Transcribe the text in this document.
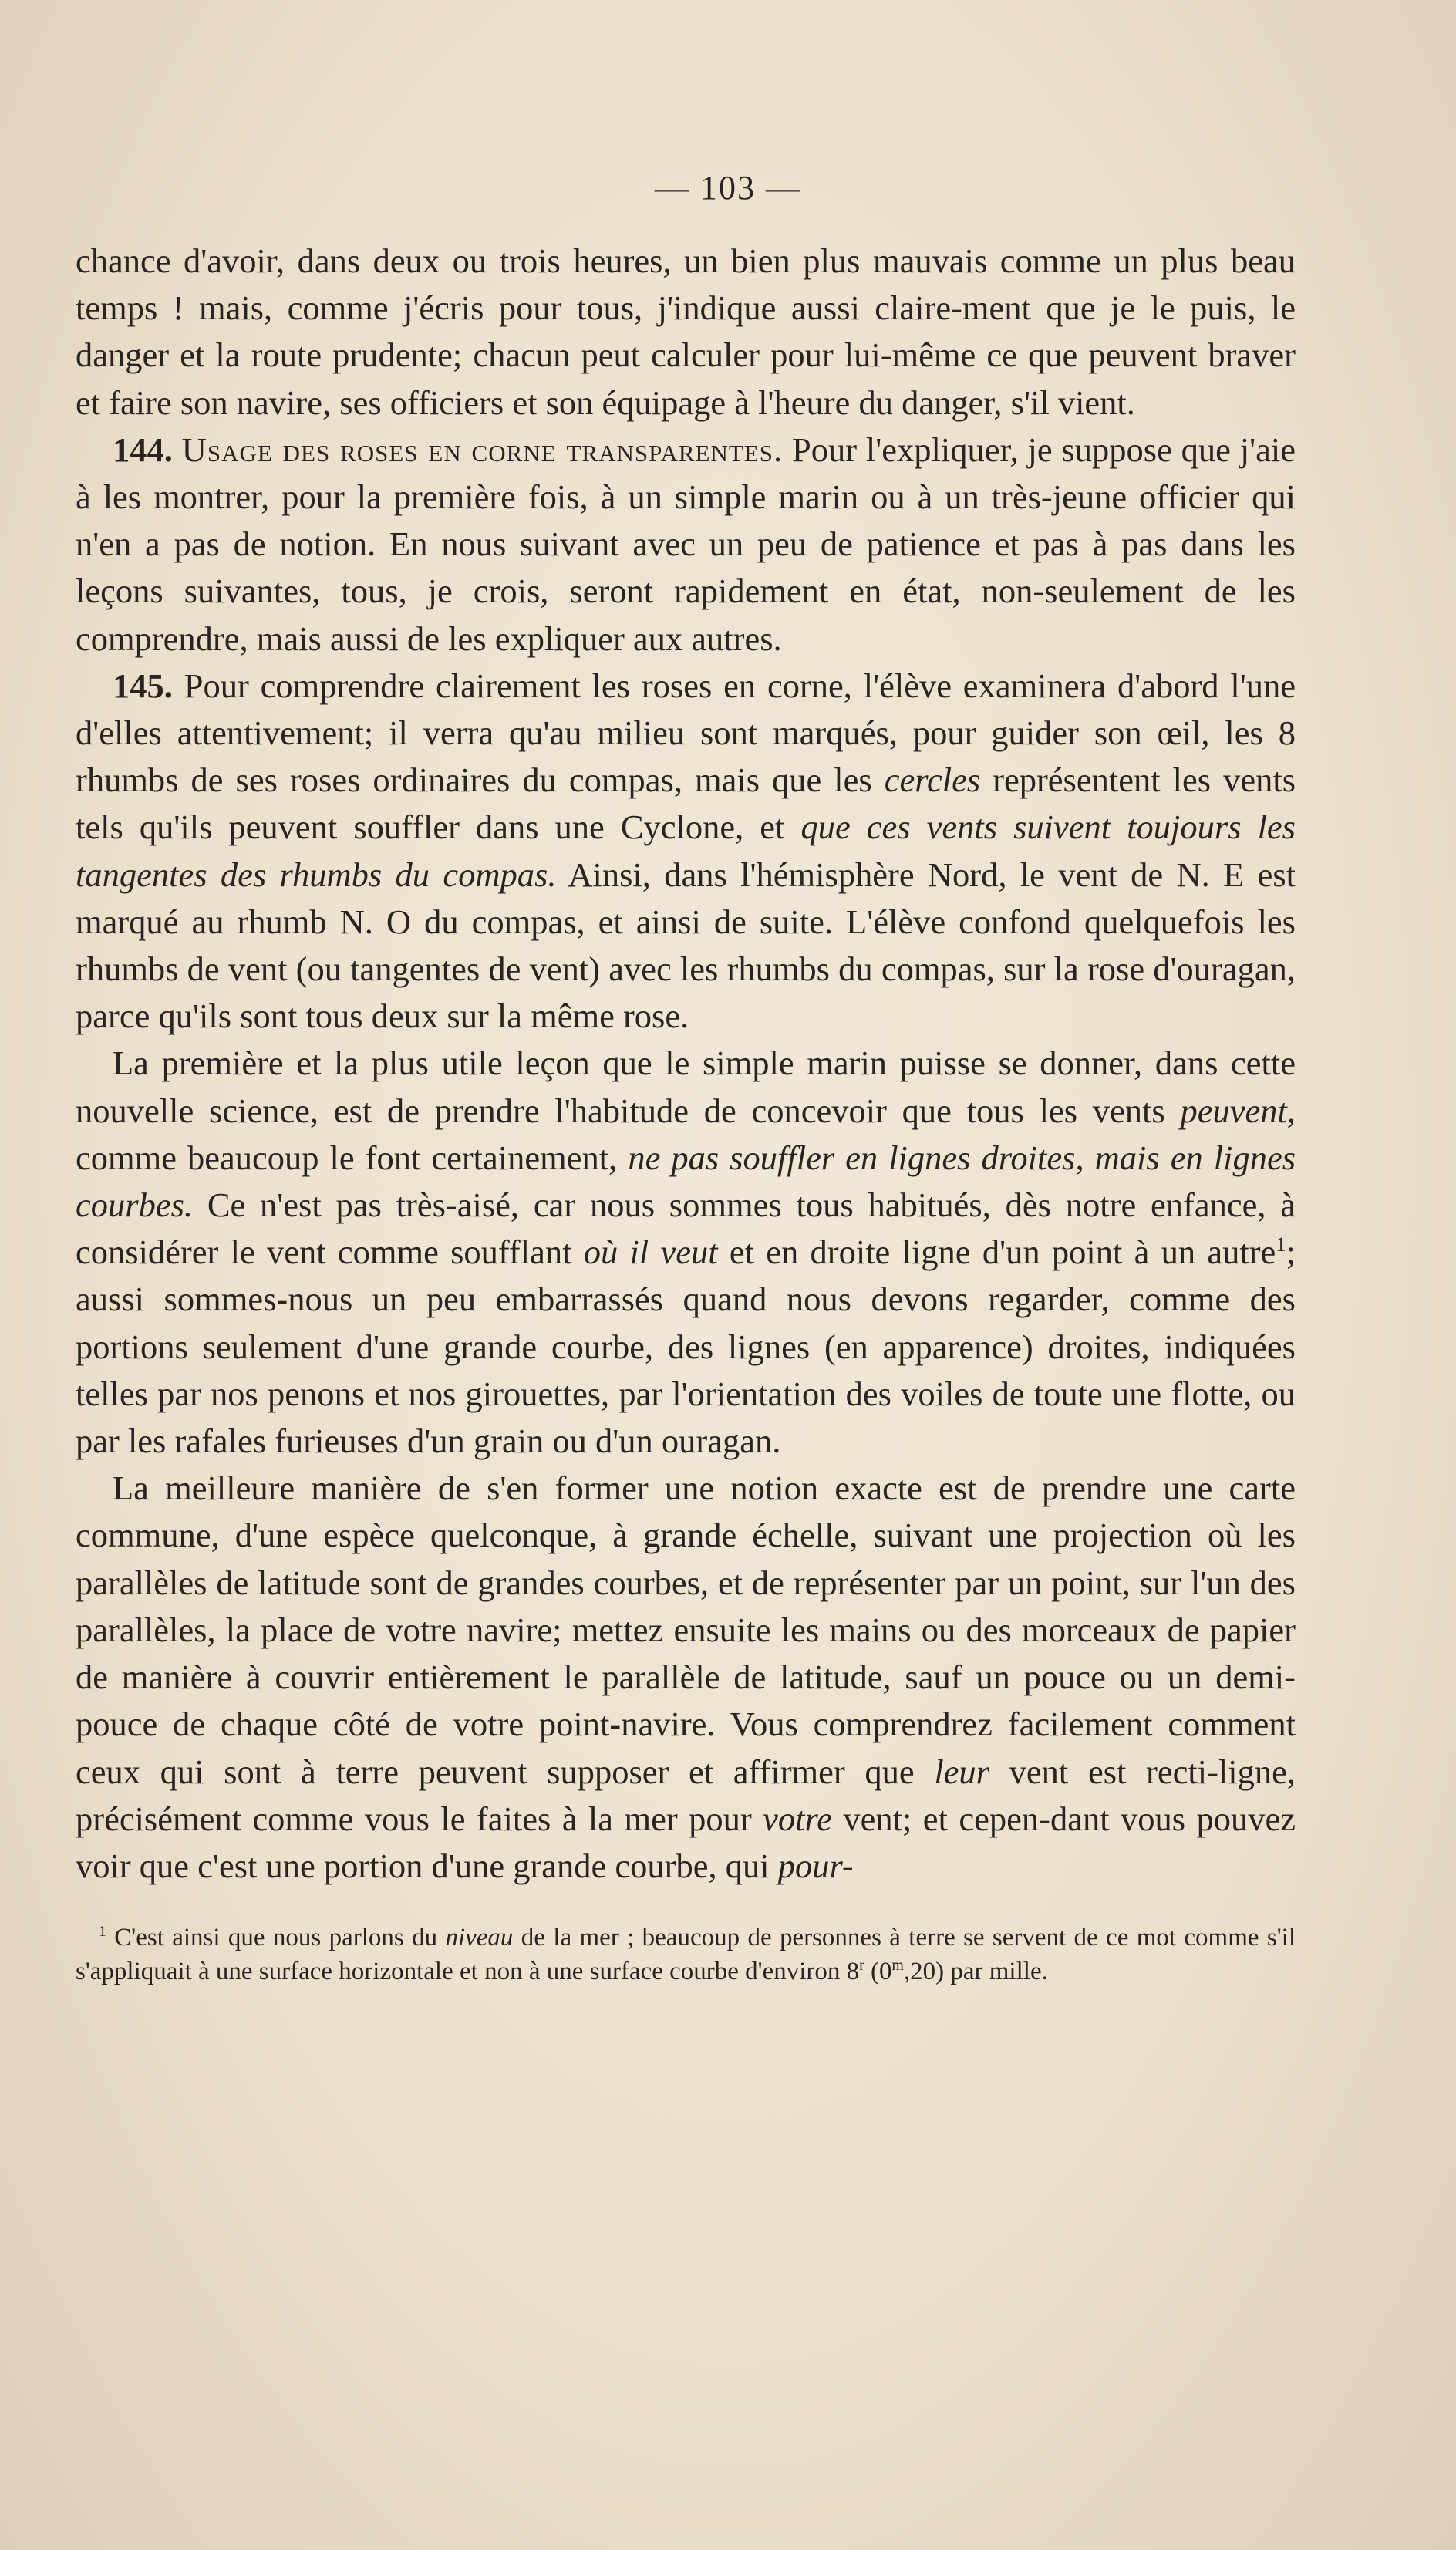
— 103 —

chance d'avoir, dans deux ou trois heures, un bien plus mauvais comme un plus beau temps ! mais, comme j'écris pour tous, j'indique aussi claire-ment que je le puis, le danger et la route prudente; chacun peut calculer pour lui-même ce que peuvent braver et faire son navire, ses officiers et son équipage à l'heure du danger, s'il vient.

144. Usage des roses en corne transparentes. Pour l'expliquer, je suppose que j'aie à les montrer, pour la première fois, à un simple marin ou à un très-jeune officier qui n'en a pas de notion. En nous suivant avec un peu de patience et pas à pas dans les leçons suivantes, tous, je crois, seront rapidement en état, non-seulement de les comprendre, mais aussi de les expliquer aux autres.

145. Pour comprendre clairement les roses en corne, l'élève examinera d'abord l'une d'elles attentivement; il verra qu'au milieu sont marqués, pour guider son œil, les 8 rhumbs de ses roses ordinaires du compas, mais que les cercles représentent les vents tels qu'ils peuvent souffler dans une Cyclone, et que ces vents suivent toujours les tangentes des rhumbs du compas. Ainsi, dans l'hémisphère Nord, le vent de N. E est marqué au rhumb N. O du compas, et ainsi de suite. L'élève confond quelquefois les rhumbs de vent (ou tangentes de vent) avec les rhumbs du compas, sur la rose d'ouragan, parce qu'ils sont tous deux sur la même rose.

La première et la plus utile leçon que le simple marin puisse se donner, dans cette nouvelle science, est de prendre l'habitude de concevoir que tous les vents peuvent, comme beaucoup le font certainement, ne pas souffler en lignes droites, mais en lignes courbes. Ce n'est pas très-aisé, car nous sommes tous habitués, dès notre enfance, à considérer le vent comme soufflant où il veut et en droite ligne d'un point à un autre$^1$; aussi sommes-nous un peu embarrassés quand nous devons regarder, comme des portions seulement d'une grande courbe, des lignes (en apparence) droites, indiquées telles par nos penons et nos girouettes, par l'orientation des voiles de toute une flotte, ou par les rafales furieuses d'un grain ou d'un ouragan.

La meilleure manière de s'en former une notion exacte est de prendre une carte commune, d'une espèce quelconque, à grande échelle, suivant une projection où les parallèles de latitude sont de grandes courbes, et de représenter par un point, sur l'un des parallèles, la place de votre navire; mettez ensuite les mains ou des morceaux de papier de manière à couvrir entièrement le parallèle de latitude, sauf un pouce ou un demi-pouce de chaque côté de votre point-navire. Vous comprendrez facilement comment ceux qui sont à terre peuvent supposer et affirmer que leur vent est recti-ligne, précisément comme vous le faites à la mer pour votre vent; et cepen-dant vous pouvez voir que c'est une portion d'une grande courbe, qui pour-

$^1$ C'est ainsi que nous parlons du niveau de la mer ; beaucoup de personnes à terre se servent de ce mot comme s'il s'appliquait à une surface horizontale et non à une surface courbe d'environ 8$^r$ (0$^m$,20) par mille.
